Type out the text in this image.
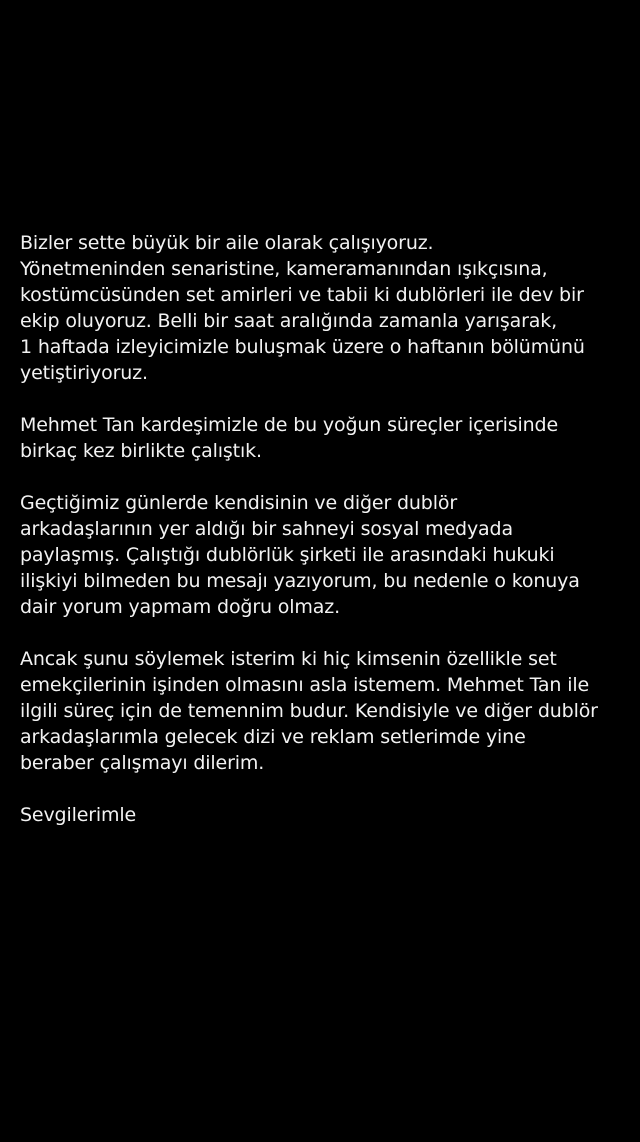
Bizler sette büyük bir aile olarak çalışıyoruz.
Yönetmeninden senaristine, kameramanından ışıkçısına,
kostümcüsünden set amirleri ve tabii ki dublörleri ile dev bir
ekip oluyoruz. Belli bir saat aralığında zamanla yarışarak,
1 haftada izleyicimizle buluşmak üzere o haftanın bölümünü
yetiştiriyoruz.
Mehmet Tan kardeşimizle de bu yoğun süreçler içerisinde
birkaç kez birlikte çalıştık.
Geçtiğimiz günlerde kendisinin ve diğer dublör
arkadaşlarının yer aldığı bir sahneyi sosyal medyada
paylaşmış. Çalıştığı dublörlük şirketi ile arasındaki hukuki
ilişkiyi bilmeden bu mesajı yazıyorum, bu nedenle o konuya
dair yorum yapmam doğru olmaz.
Ancak şunu söylemek isterim ki hiç kimsenin özellikle set
emekçilerinin işinden olmasını asla istemem. Mehmet Tan ile
ilgili süreç için de temennim budur. Kendisiyle ve diğer dublör
arkadaşlarımla gelecek dizi ve reklam setlerimde yine
beraber çalışmayı dilerim.
Sevgilerimle
